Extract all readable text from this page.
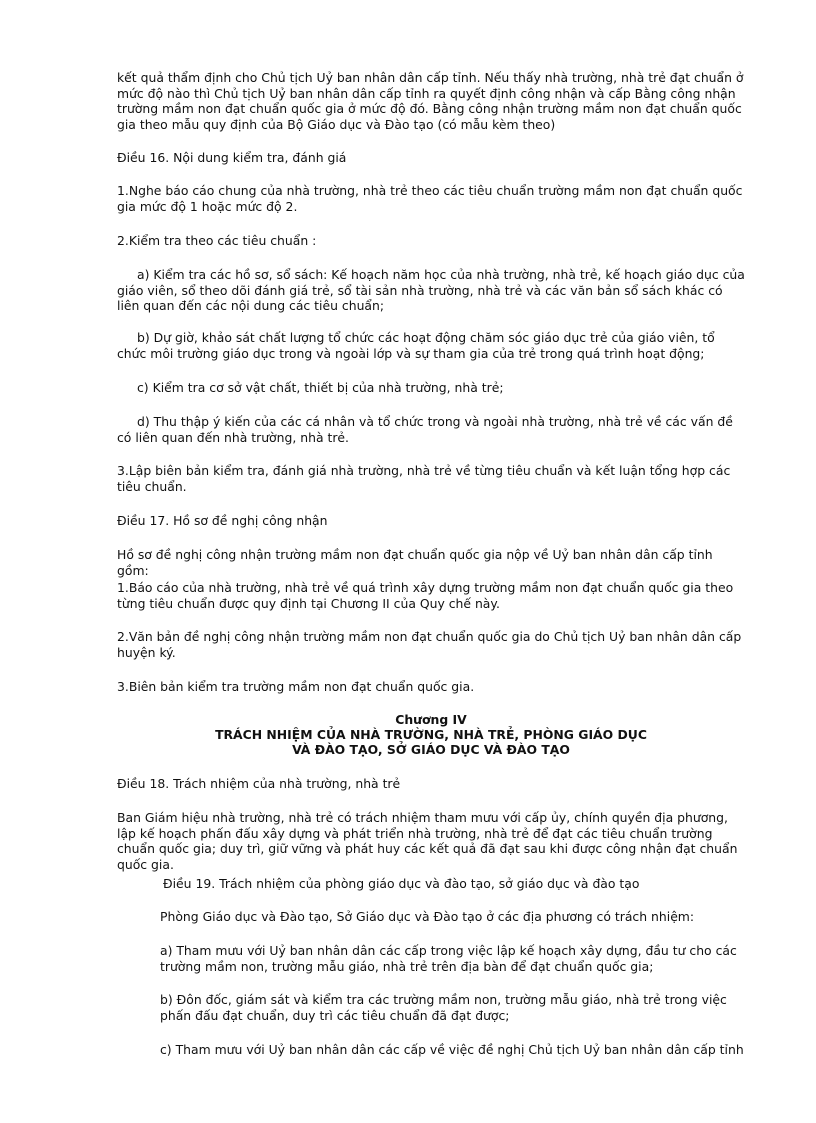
kết quả thẩm định cho Chủ tịch Uỷ ban nhân dân cấp tỉnh. Nếu thấy nhà trường, nhà trẻ đạt chuẩn ở mức độ nào thì Chủ tịch Uỷ ban nhân dân cấp tỉnh ra quyết định công nhận và cấp Bằng công nhận trường mầm non đạt chuẩn quốc gia ở mức độ đó. Bằng công nhận trường mầm non đạt chuẩn quốc gia theo mẫu quy định của Bộ Giáo dục và Đào tạo (có mẫu kèm theo)

Điều 16. Nội dung kiểm tra, đánh giá

1.Nghe báo cáo chung của nhà trường, nhà trẻ theo các tiêu chuẩn trường mầm non đạt chuẩn quốc gia mức độ 1 hoặc mức độ 2.

2.Kiểm tra theo các tiêu chuẩn :

a) Kiểm tra các hồ sơ, sổ sách: Kế hoạch năm học của nhà trường, nhà trẻ, kế hoạch giáo dục của giáo viên, sổ theo dõi đánh giá trẻ, sổ tài sản nhà trường, nhà trẻ và các văn bản sổ sách khác có liên quan đến các nội dung các tiêu chuẩn;

b) Dự giờ, khảo sát chất lượng tổ chức các hoạt động chăm sóc giáo dục trẻ của giáo viên, tổ chức môi trường giáo dục trong và ngoài lớp và sự tham gia của trẻ trong quá trình hoạt động;

c) Kiểm tra cơ sở vật chất, thiết bị của nhà trường, nhà trẻ;

d) Thu thập ý kiến của các cá nhân và tổ chức trong và ngoài nhà trường, nhà trẻ về các vấn đề có liên quan đến nhà trường, nhà trẻ.

3.Lập biên bản kiểm tra, đánh giá nhà trường, nhà trẻ về từng tiêu chuẩn và kết luận tổng hợp các tiêu chuẩn.

Điều 17. Hồ sơ đề nghị công nhận

Hồ sơ đề nghị công nhận trường mầm non đạt chuẩn quốc gia nộp về Uỷ ban nhân dân cấp tỉnh gồm:

1.Báo cáo của nhà trường, nhà trẻ về quá trình xây dựng trường mầm non đạt chuẩn quốc gia theo từng tiêu chuẩn được quy định tại Chương II của Quy chế này.

2.Văn bản đề nghị công nhận trường mầm non đạt chuẩn quốc gia do Chủ tịch Uỷ ban nhân dân cấp huyện ký.

3.Biên bản kiểm tra trường mầm non đạt chuẩn quốc gia.

Chương IV

TRÁCH NHIỆM CỦA NHÀ TRƯỜNG, NHÀ TRẺ, PHÒNG GIÁO DỤC

VÀ ĐÀO TẠO, SỞ GIÁO DỤC VÀ ĐÀO TẠO

Điều 18. Trách nhiệm của nhà trường, nhà trẻ

Ban Giám hiệu nhà trường, nhà trẻ có trách nhiệm tham mưu với cấp ủy, chính quyền địa phương, lập kế hoạch phấn đấu xây dựng và phát triển nhà trường, nhà trẻ để đạt các tiêu chuẩn trường chuẩn quốc gia; duy trì, giữ vững và phát huy các kết quả đã đạt sau khi được công nhận đạt chuẩn quốc gia.

Điều 19. Trách nhiệm của phòng giáo dục và đào tạo, sở giáo dục và đào tạo

Phòng Giáo dục và Đào tạo, Sở Giáo dục và Đào tạo ở các địa phương có trách nhiệm:

a) Tham mưu với Uỷ ban nhân dân các cấp trong việc lập kế hoạch xây dựng, đầu tư cho các trường mầm non, trường mẫu giáo, nhà trẻ trên địa bàn để đạt chuẩn quốc gia;

b) Đôn đốc, giám sát và kiểm tra các trường mầm non, trường mẫu giáo, nhà trẻ trong việc phấn đấu đạt chuẩn, duy trì các tiêu chuẩn đã đạt được;

c) Tham mưu với Uỷ ban nhân dân các cấp về việc đề nghị Chủ tịch Uỷ ban nhân dân cấp tỉnh
